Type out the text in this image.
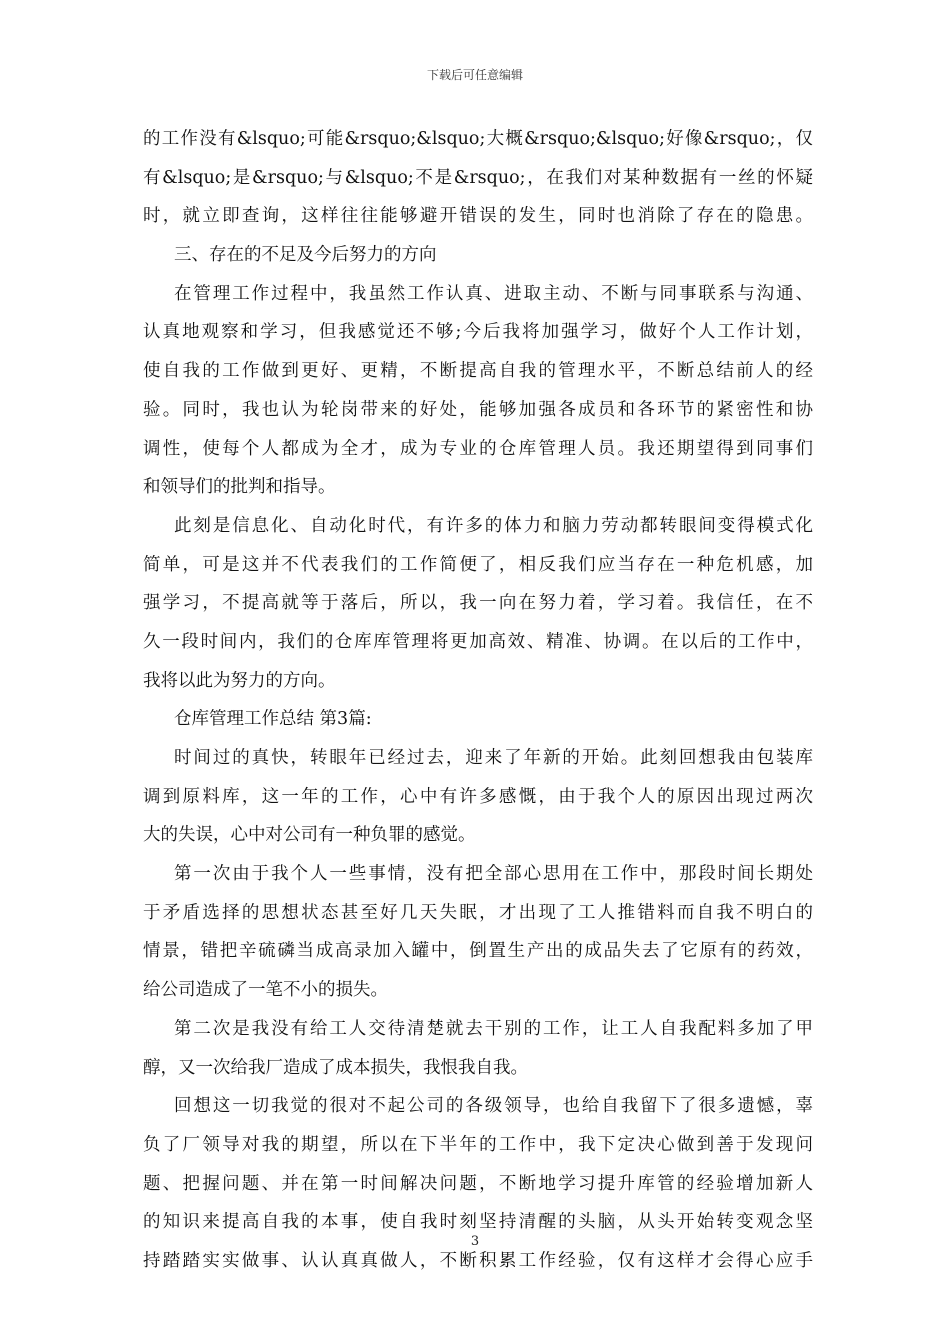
下载后可任意编辑
的工作没有&lsquo;可能&rsquo;&lsquo;大概&rsquo;&lsquo;好像&rsquo;，仅
有&lsquo;是&rsquo;与&lsquo;不是&rsquo;，在我们对某种数据有一丝的怀疑
时，就立即查询，这样往往能够避开错误的发生，同时也消除了存在的隐患。
三、存在的不足及今后努力的方向
在管理工作过程中，我虽然工作认真、进取主动、不断与同事联系与沟通、
认真地观察和学习，但我感觉还不够;今后我将加强学习，做好个人工作计划，
使自我的工作做到更好、更精，不断提高自我的管理水平，不断总结前人的经
验。同时，我也认为轮岗带来的好处，能够加强各成员和各环节的紧密性和协
调性，使每个人都成为全才，成为专业的仓库管理人员。我还期望得到同事们
和领导们的批判和指导。
此刻是信息化、自动化时代，有许多的体力和脑力劳动都转眼间变得模式化
简单，可是这并不代表我们的工作简便了，相反我们应当存在一种危机感，加
强学习，不提高就等于落后，所以，我一向在努力着，学习着。我信任，在不
久一段时间内，我们的仓库库管理将更加高效、精准、协调。在以后的工作中，
我将以此为努力的方向。
仓库管理工作总结 第3篇:
时间过的真快，转眼年已经过去，迎来了年新的开始。此刻回想我由包装库
调到原料库，这一年的工作，心中有许多感慨，由于我个人的原因出现过两次
大的失误，心中对公司有一种负罪的感觉。
第一次由于我个人一些事情，没有把全部心思用在工作中，那段时间长期处
于矛盾选择的思想状态甚至好几天失眠，才出现了工人推错料而自我不明白的
情景，错把辛硫磷当成高录加入罐中，倒置生产出的成品失去了它原有的药效，
给公司造成了一笔不小的损失。
第二次是我没有给工人交待清楚就去干别的工作，让工人自我配料多加了甲
醇，又一次给我厂造成了成本损失，我恨我自我。
回想这一切我觉的很对不起公司的各级领导，也给自我留下了很多遗憾，辜
负了厂领导对我的期望，所以在下半年的工作中，我下定决心做到善于发现问
题、把握问题、并在第一时间解决问题，不断地学习提升库管的经验增加新人
的知识来提高自我的本事，使自我时刻坚持清醒的头脑，从头开始转变观念坚
持踏踏实实做事、认认真真做人，不断积累工作经验，仅有这样才会得心应手
3
